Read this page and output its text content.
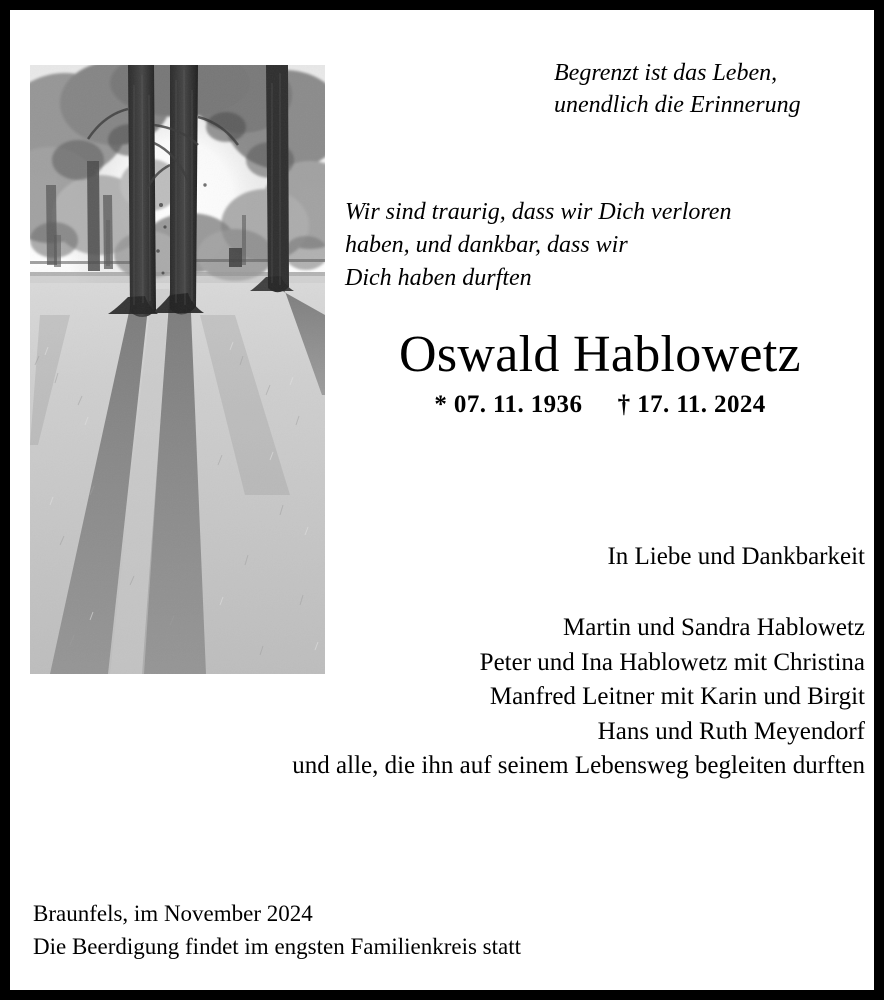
Begrenzt ist das Leben,
unendlich die Erinnerung
Wir sind traurig, dass wir Dich verloren
haben, und dankbar, dass wir
Dich haben durften
Oswald Hablowetz
* 07. 11. 1936 † 17. 11. 2024
In Liebe und Dankbarkeit
Martin und Sandra Hablowetz
Peter und Ina Hablowetz mit Christina
Manfred Leitner mit Karin und Birgit
Hans und Ruth Meyendorf
und alle, die ihn auf seinem Lebensweg begleiten durften
Braunfels, im November 2024
Die Beerdigung findet im engsten Familienkreis statt
